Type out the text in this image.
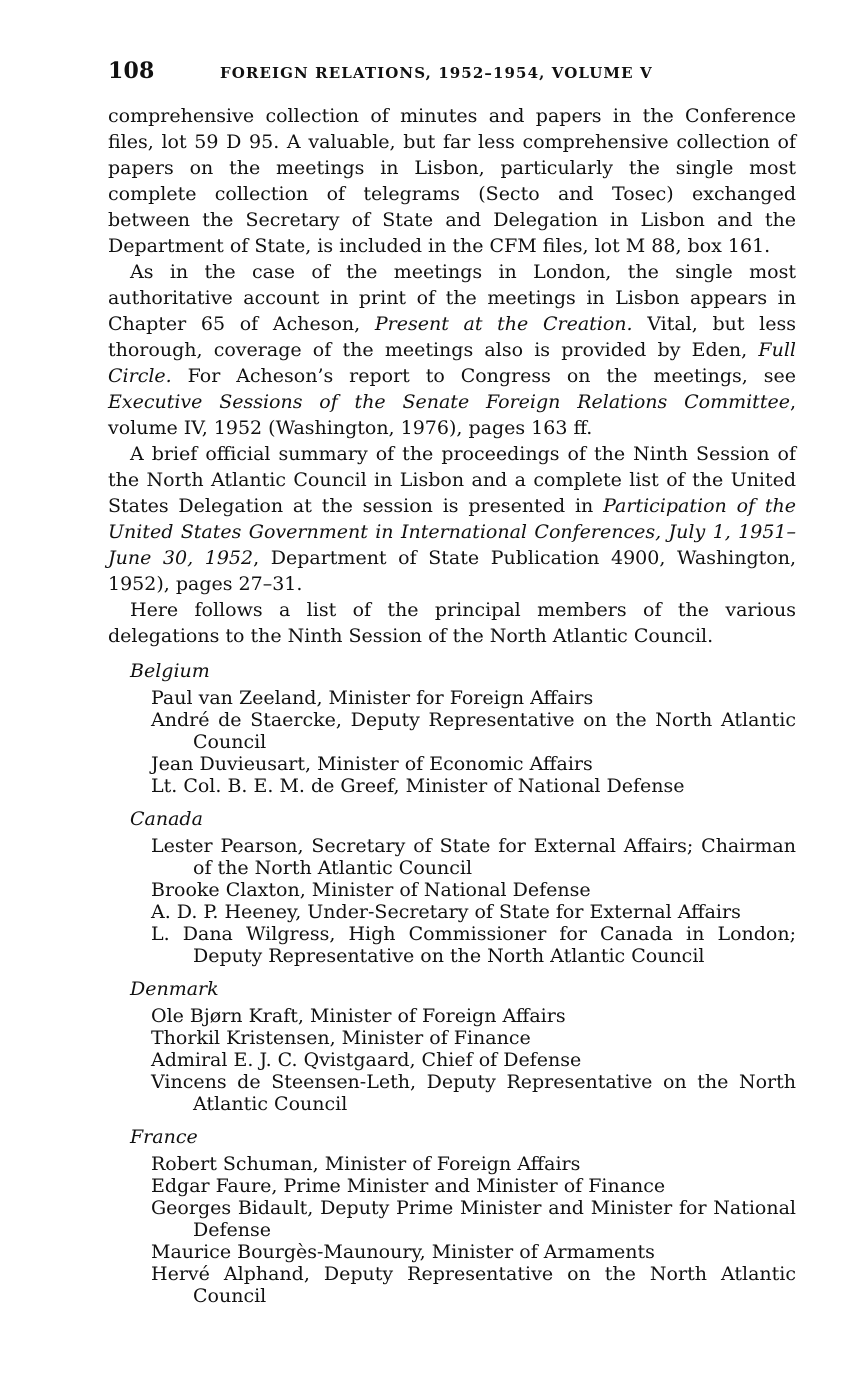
108	FOREIGN RELATIONS, 1952–1954, VOLUME V

comprehensive collection of minutes and papers in the Conference files, lot 59 D 95. A valuable, but far less comprehensive collection of papers on the meetings in Lisbon, particularly the single most complete collection of telegrams (Secto and Tosec) exchanged between the Secretary of State and Delegation in Lisbon and the Department of State, is included in the CFM files, lot M 88, box 161.

As in the case of the meetings in London, the single most authoritative account in print of the meetings in Lisbon appears in Chapter 65 of Acheson, Present at the Creation. Vital, but less thorough, coverage of the meetings also is provided by Eden, Full Circle. For Acheson’s report to Congress on the meetings, see Executive Sessions of the Senate Foreign Relations Committee, volume IV, 1952 (Washington, 1976), pages 163 ff.

A brief official summary of the proceedings of the Ninth Session of the North Atlantic Council in Lisbon and a complete list of the United States Delegation at the session is presented in Participation of the United States Government in International Conferences, July 1, 1951–June 30, 1952, Department of State Publication 4900, Washington, 1952), pages 27–31.

Here follows a list of the principal members of the various delegations to the Ninth Session of the North Atlantic Council.

Belgium
Paul van Zeeland, Minister for Foreign Affairs
André de Staercke, Deputy Representative on the North Atlantic Council
Jean Duvieusart, Minister of Economic Affairs
Lt. Col. B. E. M. de Greef, Minister of National Defense
Canada
Lester Pearson, Secretary of State for External Affairs; Chairman of the North Atlantic Council
Brooke Claxton, Minister of National Defense
A. D. P. Heeney, Under-Secretary of State for External Affairs
L. Dana Wilgress, High Commissioner for Canada in London; Deputy Representative on the North Atlantic Council
Denmark
Ole Bjørn Kraft, Minister of Foreign Affairs
Thorkil Kristensen, Minister of Finance
Admiral E. J. C. Qvistgaard, Chief of Defense
Vincens de Steensen-Leth, Deputy Representative on the North Atlantic Council
France
Robert Schuman, Minister of Foreign Affairs
Edgar Faure, Prime Minister and Minister of Finance
Georges Bidault, Deputy Prime Minister and Minister for National Defense
Maurice Bourgès-Maunoury, Minister of Armaments
Hervé Alphand, Deputy Representative on the North Atlantic Council
